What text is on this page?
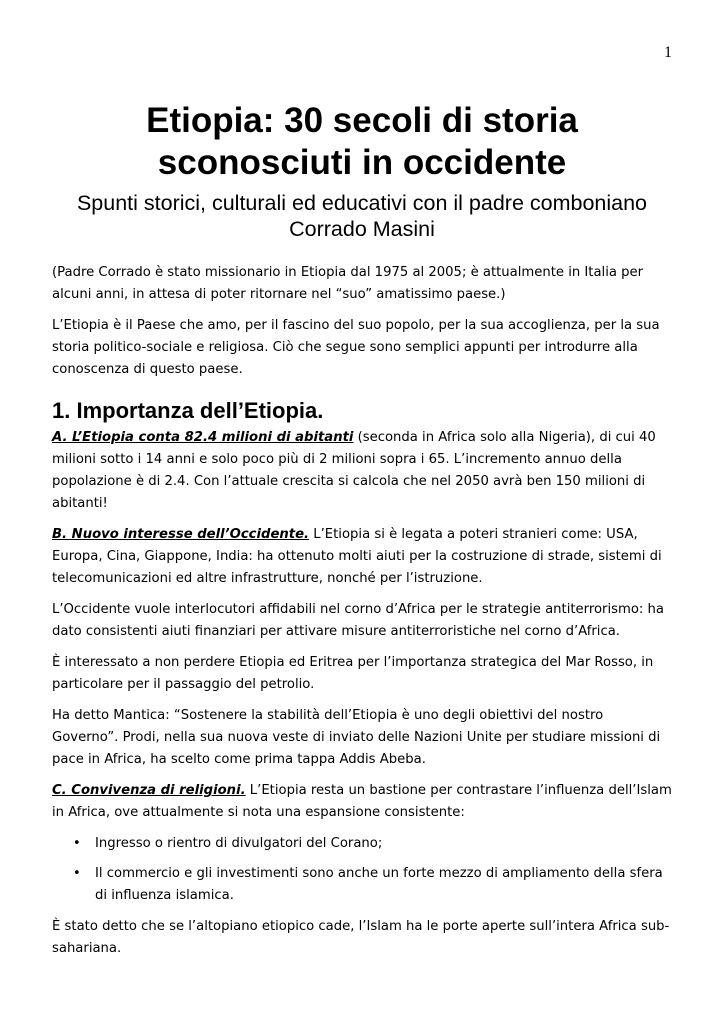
1
Etiopia: 30 secoli di storia sconosciuti in occidente
Spunti storici, culturali ed educativi con il padre comboniano Corrado Masini

(Padre Corrado è stato missionario in Etiopia dal 1975 al 2005; è attualmente in Italia per alcuni anni, in attesa di poter ritornare nel “suo” amatissimo paese.)

L’Etiopia è il Paese che amo, per il fascino del suo popolo, per la sua accoglienza, per la sua storia politico-sociale e religiosa. Ciò che segue sono semplici appunti per introdurre alla conoscenza di questo paese.

1. Importanza dell’Etiopia.

A. L’Etiopia conta 82.4 milioni di abitanti (seconda in Africa solo alla Nigeria), di cui 40 milioni sotto i 14 anni e solo poco più di 2 milioni sopra i 65. L’incremento annuo della popolazione è di 2.4. Con l’attuale crescita si calcola che nel 2050 avrà ben 150 milioni di abitanti!

B. Nuovo interesse dell’Occidente. L’Etiopia si è legata a poteri stranieri come: USA, Europa, Cina, Giappone, India: ha ottenuto molti aiuti per la costruzione di strade, sistemi di telecomunicazioni ed altre infrastrutture, nonché per l’istruzione.

L’Occidente vuole interlocutori affidabili nel corno d’Africa per le strategie antiterrorismo: ha dato consistenti aiuti finanziari per attivare misure antiterroristiche nel corno d’Africa.

È interessato a non perdere Etiopia ed Eritrea per l’importanza strategica del Mar Rosso, in particolare per il passaggio del petrolio.

Ha detto Mantica: “Sostenere la stabilità dell’Etiopia è uno degli obiettivi del nostro Governo”. Prodi, nella sua nuova veste di inviato delle Nazioni Unite per studiare missioni di pace in Africa, ha scelto come prima tappa Addis Abeba.

C. Convivenza di religioni. L’Etiopia resta un bastione per contrastare l’influenza dell’Islam in Africa, ove attualmente si nota una espansione consistente:

• Ingresso o rientro di divulgatori del Corano;
• Il commercio e gli investimenti sono anche un forte mezzo di ampliamento della sfera di influenza islamica.

È stato detto che se l’altopiano etiopico cade, l’Islam ha le porte aperte sull’intera Africa sub-sahariana.
